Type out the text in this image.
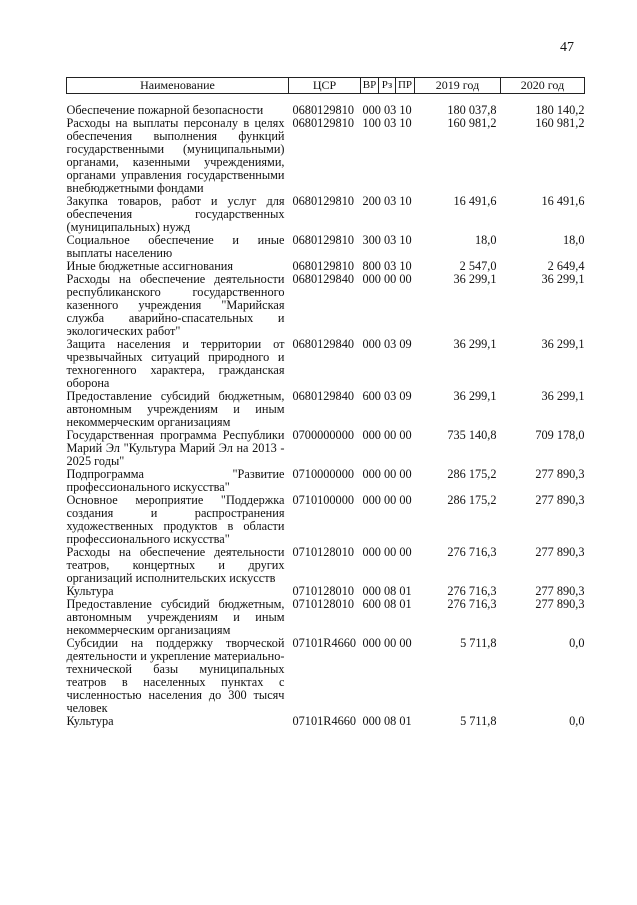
47
Наименование	ЦСР	ВР	Рз	ПР	2019 год	2020 год

Обеспечение пожарной безопасности	0680129810	000 03 10			180 037,8	180 140,2
Расходы на выплаты персоналу в целях обеспечения выполнения функций государственными (муниципальными) органами, казенными учреждениями, органами управления государственными внебюджетными фондами	0680129810	100 03 10			160 981,2	160 981,2
Закупка товаров, работ и услуг для обеспечения государственных (муниципальных) нужд	0680129810	200 03 10			16 491,6	16 491,6
Социальное обеспечение и иные выплаты населению	0680129810	300 03 10			18,0	18,0
Иные бюджетные ассигнования	0680129810	800 03 10			2 547,0	2 649,4
Расходы на обеспечение деятельности республиканского государственного казенного учреждения "Марийская служба аварийно-спасательных и экологических работ"	0680129840	000 00 00			36 299,1	36 299,1
Защита населения и территории от чрезвычайных ситуаций природного и техногенного характера, гражданская оборона	0680129840	000 03 09			36 299,1	36 299,1
Предоставление субсидий бюджетным, автономным учреждениям и иным некоммерческим организациям	0680129840	600 03 09			36 299,1	36 299,1
Государственная программа Республики Марий Эл "Культура Марий Эл на 2013 - 2025 годы"	0700000000	000 00 00			735 140,8	709 178,0
Подпрограмма "Развитие профессионального искусства"	0710000000	000 00 00			286 175,2	277 890,3
Основное мероприятие "Поддержка создания и распространения художественных продуктов в области профессионального искусства"	0710100000	000 00 00			286 175,2	277 890,3
Расходы на обеспечение деятельности театров, концертных и других организаций исполнительских искусств	0710128010	000 00 00			276 716,3	277 890,3
Культура	0710128010	000 08 01			276 716,3	277 890,3
Предоставление субсидий бюджетным, автономным учреждениям и иным некоммерческим организациям	0710128010	600 08 01			276 716,3	277 890,3
Субсидии на поддержку творческой деятельности и укрепление материально-технической базы муниципальных театров в населенных пунктах с численностью населения до 300 тысяч человек	07101R4660	000 00 00			5 711,8	0,0
Культура	07101R4660	000 08 01			5 711,8	0,0
